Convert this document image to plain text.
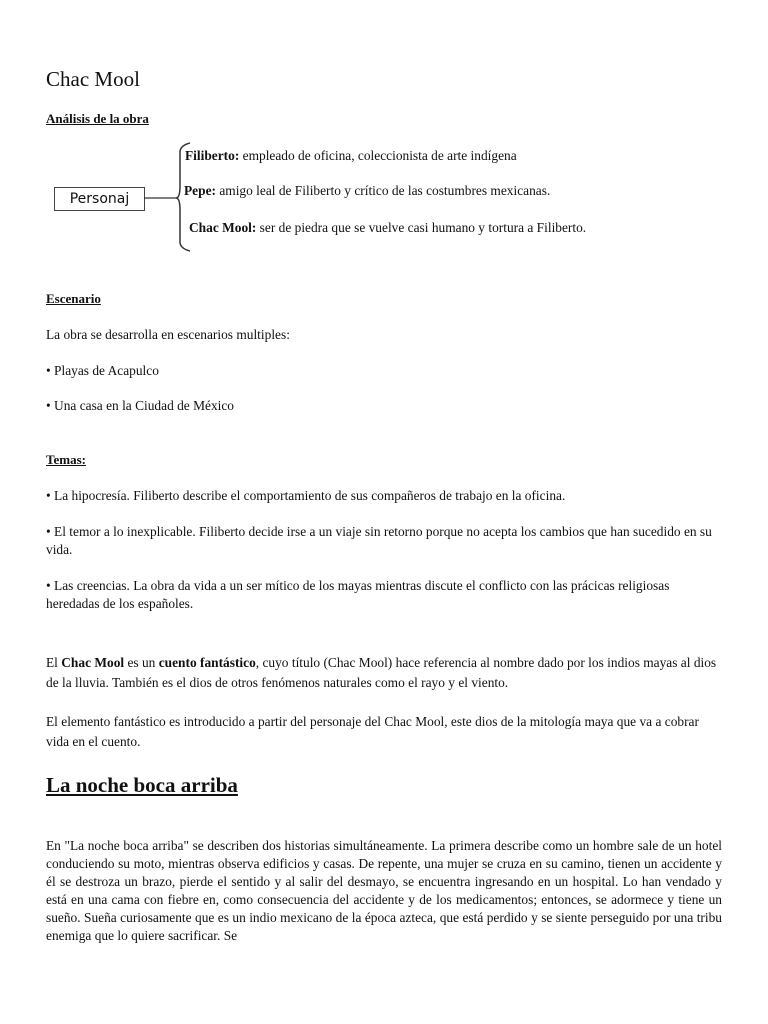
Chac Mool
Análisis de la obra
Personaj
Filiberto: empleado de oficina, coleccionista de arte indígena
Pepe: amigo leal de Filiberto y crítico de las costumbres mexicanas.
Chac Mool: ser de piedra que se vuelve casi humano y tortura a Filiberto.
Escenario
La obra se desarrolla en escenarios multiples:
• Playas de Acapulco
• Una casa en la Ciudad de México
Temas:
• La hipocresía. Filiberto describe el comportamiento de sus compañeros de trabajo en la oficina.
• El temor a lo inexplicable. Filiberto decide irse a un viaje sin retorno porque no acepta los cambios que han sucedido en su vida.
• Las creencias. La obra da vida a un ser mítico de los mayas mientras discute el conflicto con las prácicas religiosas heredadas de los españoles.
El Chac Mool es un cuento fantástico, cuyo título (Chac Mool) hace referencia al nombre dado por los indios mayas al dios de la lluvia. También es el dios de otros fenómenos naturales como el rayo y el viento.
El elemento fantástico es introducido a partir del personaje del Chac Mool, este dios de la mitología maya que va a cobrar vida en el cuento.
La noche boca arriba
En "La noche boca arriba" se describen dos historias simultáneamente. La primera describe como un hombre sale de un hotel conduciendo su moto, mientras observa edificios y casas. De repente, una mujer se cruza en su camino, tienen un accidente y él se destroza un brazo, pierde el sentido y al salir del desmayo, se encuentra ingresando en un hospital. Lo han vendado y está en una cama con fiebre en, como consecuencia del accidente y de los medicamentos; entonces, se adormece y tiene un sueño. Sueña curiosamente que es un indio mexicano de la época azteca, que está perdido y se siente perseguido por una tribu enemiga que lo quiere sacrificar. Se
